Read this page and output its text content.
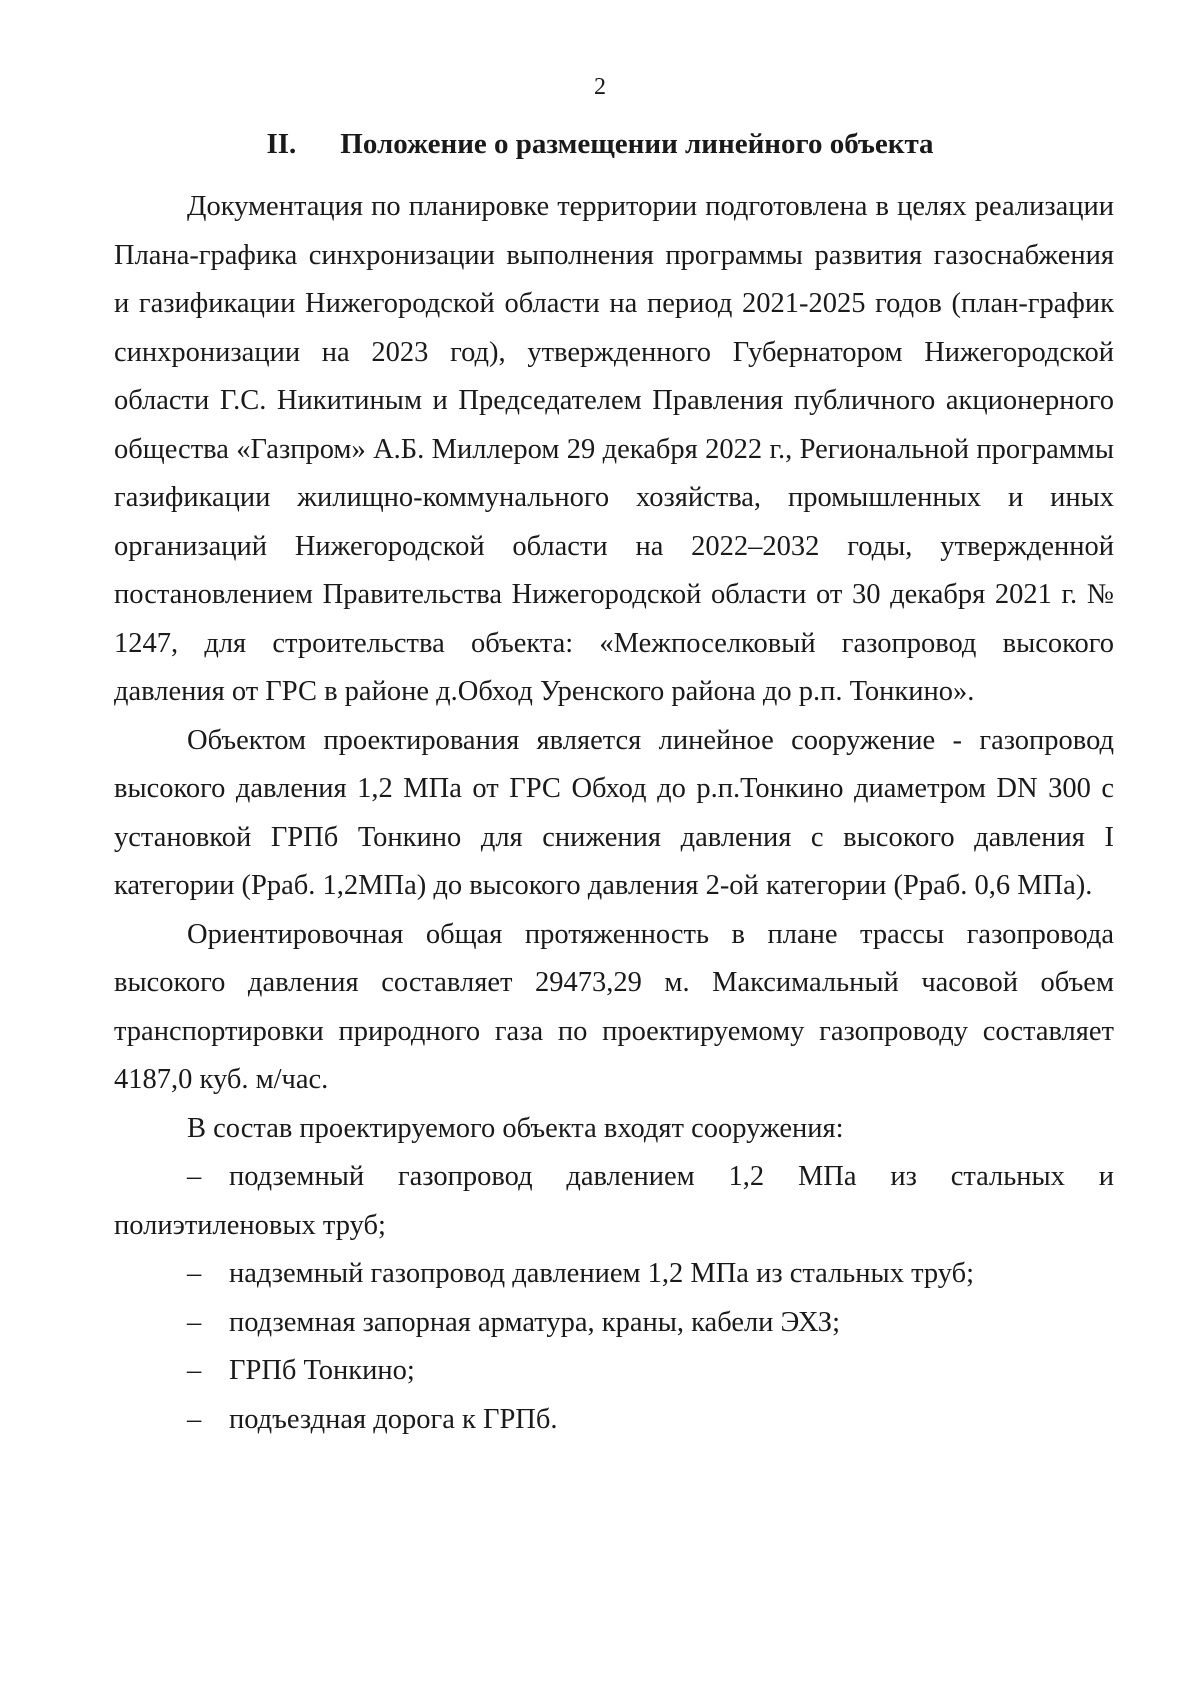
2
II. Положение о размещении линейного объекта

Документация по планировке территории подготовлена в целях реализации Плана-графика синхронизации выполнения программы развития газоснабжения и газификации Нижегородской области на период 2021-2025 годов (план-график синхронизации на 2023 год), утвержденного Губернатором Нижегородской области Г.С. Никитиным и Председателем Правления публичного акционерного общества «Газпром» А.Б. Миллером 29 декабря 2022 г., Региональной программы газификации жилищно-коммунального хозяйства, промышленных и иных организаций Нижегородской области на 2022–2032 годы, утвержденной постановлением Правительства Нижегородской области от 30 декабря 2021 г. № 1247, для строительства объекта: «Межпоселковый газопровод высокого давления от ГРС в районе д.Обход Уренского района до р.п. Тонкино».

Объектом проектирования является линейное сооружение - газопровод высокого давления 1,2 МПа от ГРС Обход до р.п.Тонкино диаметром DN 300 с установкой ГРПб Тонкино для снижения давления с высокого давления I категории (Рраб. 1,2МПа) до высокого давления 2-ой категории (Рраб. 0,6 МПа).

Ориентировочная общая протяженность в плане трассы газопровода высокого давления составляет 29473,29 м. Максимальный часовой объем транспортировки природного газа по проектируемому газопроводу составляет 4187,0 куб. м/час.

В состав проектируемого объекта входят сооружения:

– подземный газопровод давлением 1,2 МПа из стальных и полиэтиленовых труб;
– надземный газопровод давлением 1,2 МПа из стальных труб;
– подземная запорная арматура, краны, кабели ЭХЗ;
– ГРПб Тонкино;
– подъездная дорога к ГРПб.
